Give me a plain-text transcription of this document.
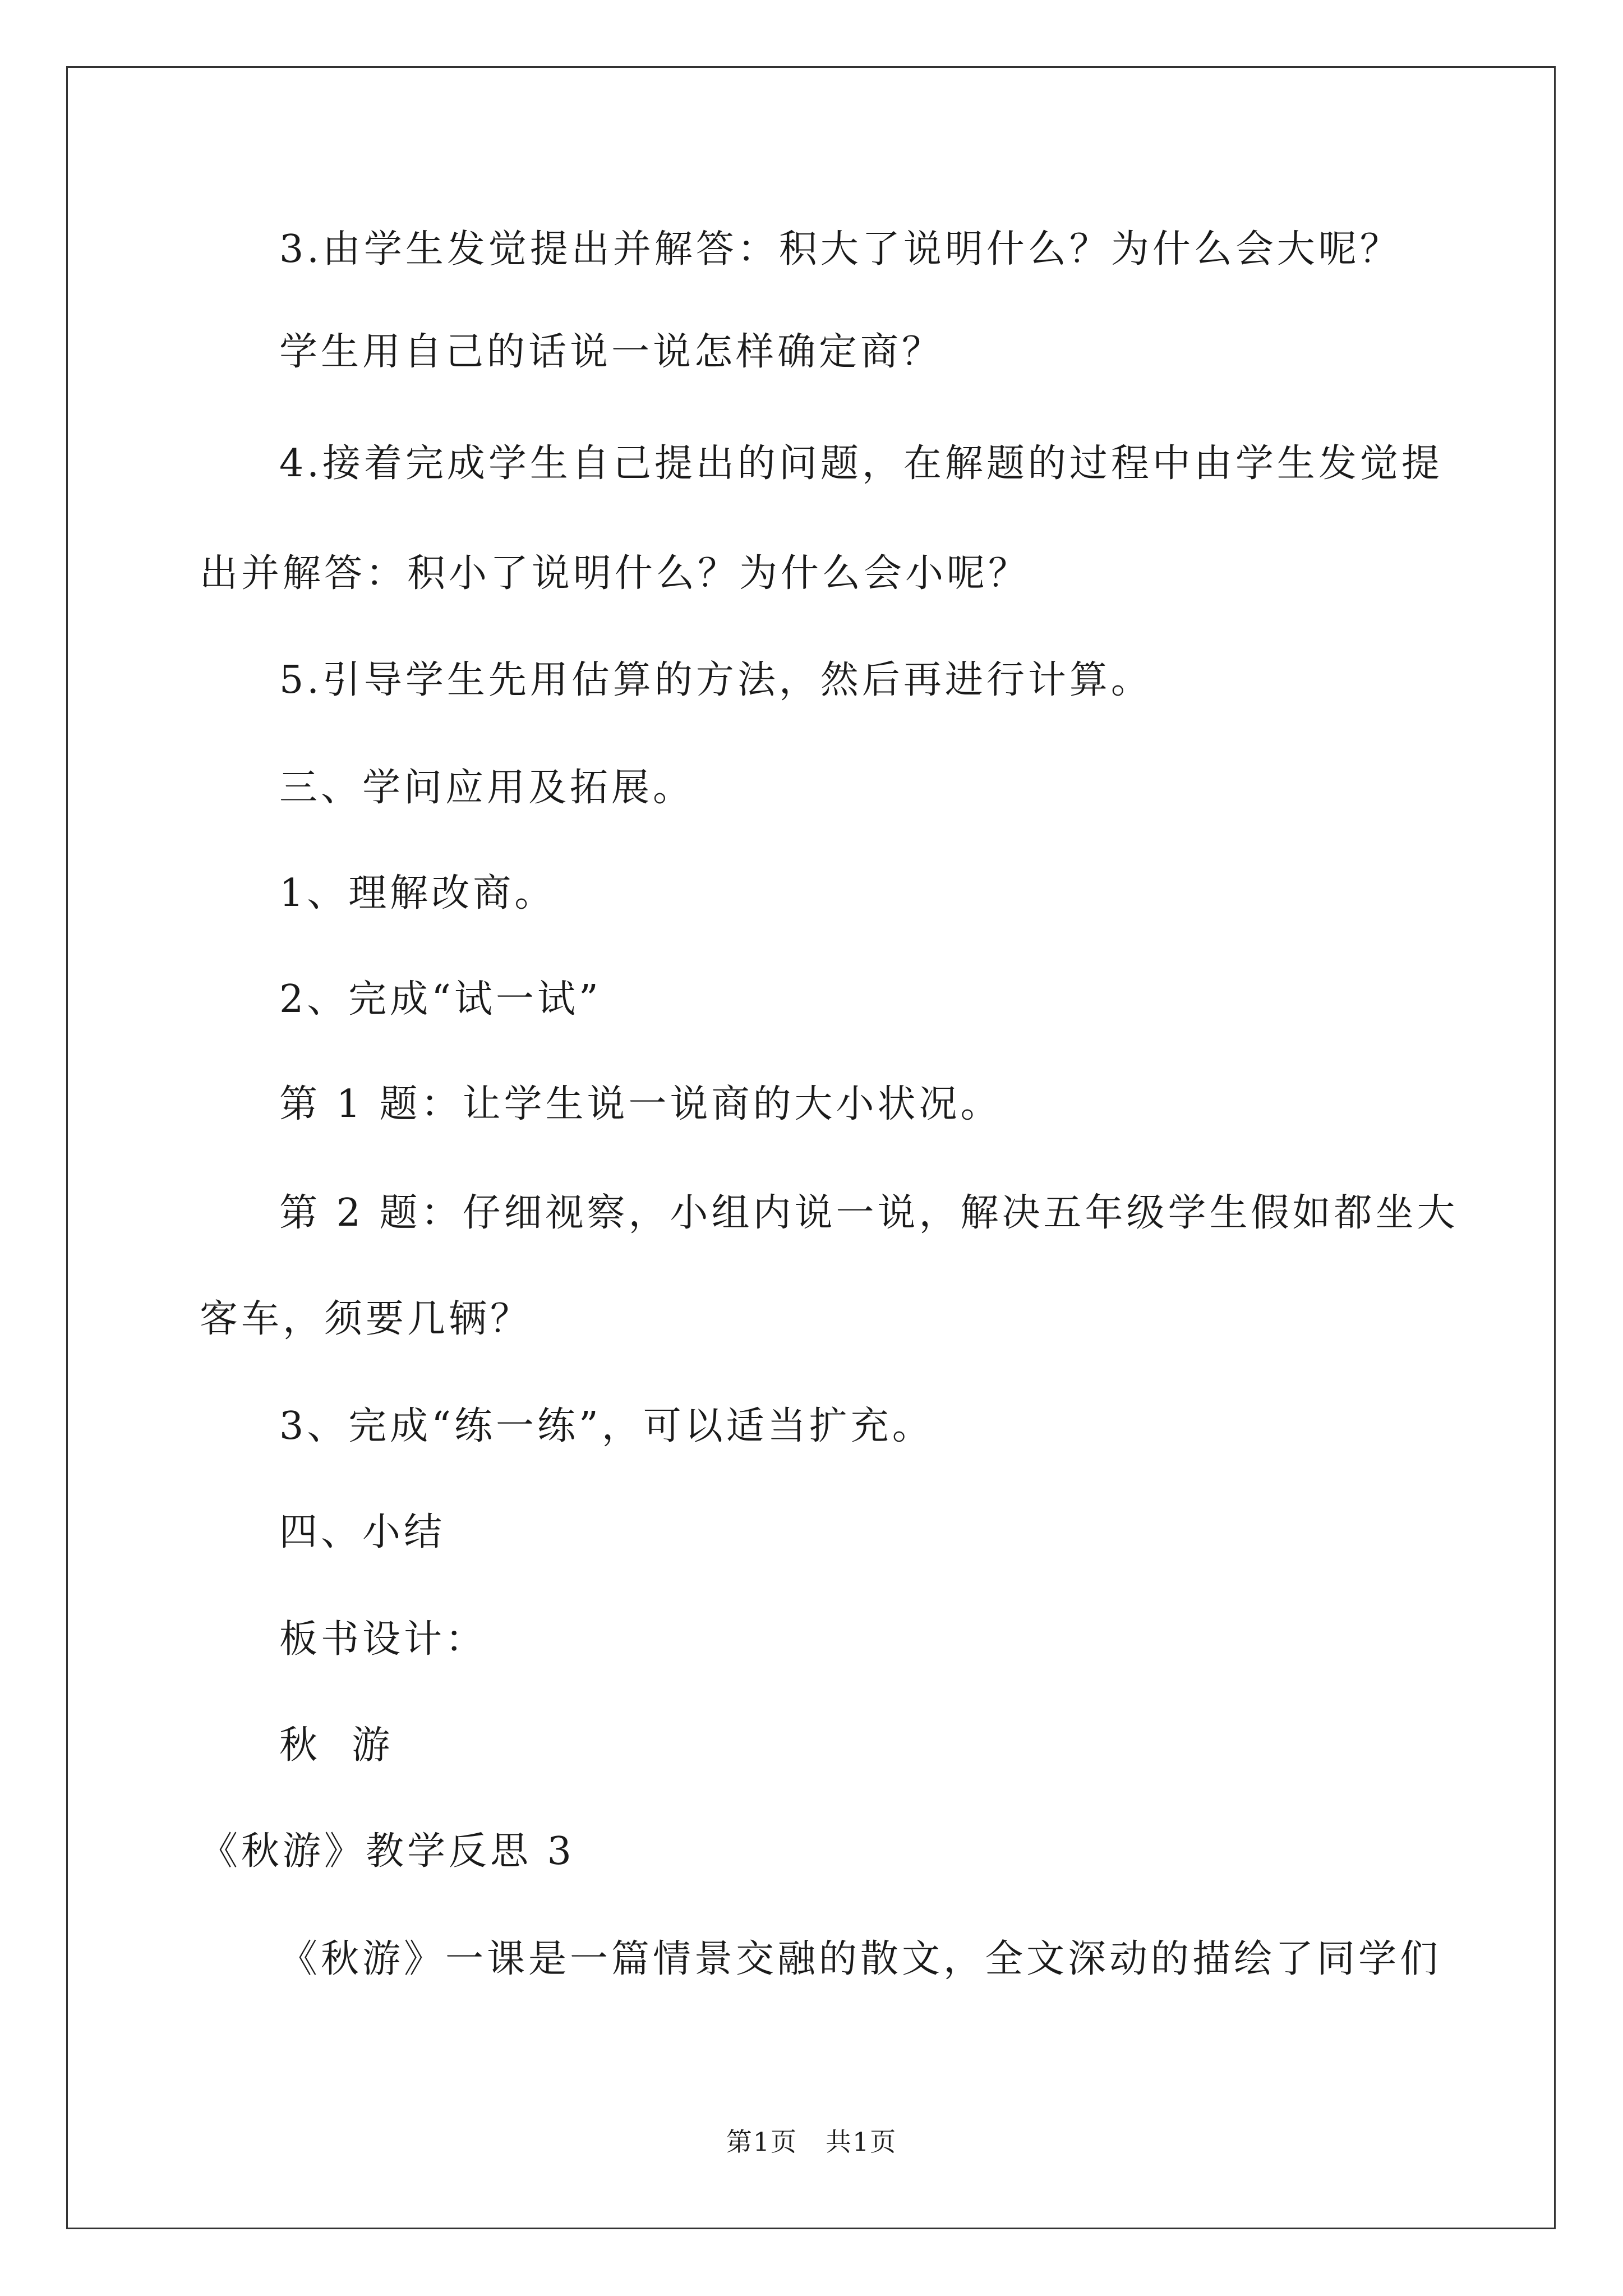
3.由学生发觉提出并解答：积大了说明什么？为什么会大呢？
学生用自己的话说一说怎样确定商？
4.接着完成学生自己提出的问题，在解题的过程中由学生发觉提
出并解答：积小了说明什么？为什么会小呢？
5.引导学生先用估算的方法，然后再进行计算。
三、学问应用及拓展。
1、理解改商。
2、完成“试一试”
第 1 题：让学生说一说商的大小状况。
第 2 题：仔细视察，小组内说一说，解决五年级学生假如都坐大
客车，须要几辆？
3、完成“练一练”，可以适当扩充。
四、小结
板书设计：
秋  游
《秋游》教学反思 3
《秋游》一课是一篇情景交融的散文，全文深动的描绘了同学们
第1页 共1页
